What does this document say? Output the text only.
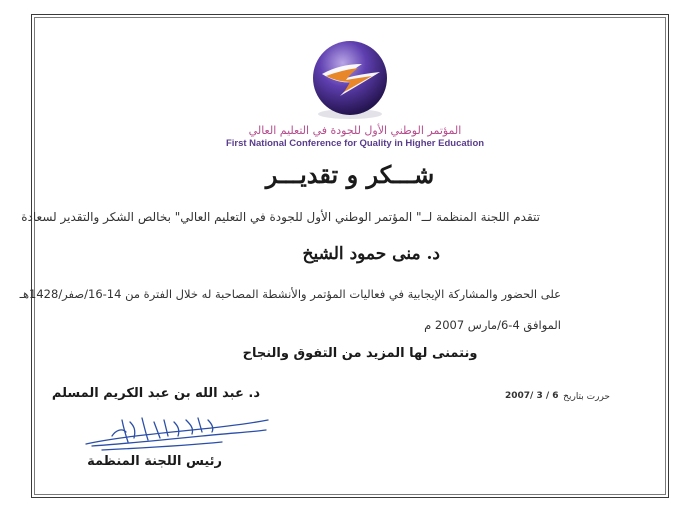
المؤتمر الوطني الأول للجودة في التعليم العالي
First National Conference for Quality in Higher Education
شـــكر و تقديـــر
تتقدم اللجنة المنظمة لــ" المؤتمر الوطني الأول للجودة في التعليم العالي" بخالص الشكر والتقدير لسعادة
د. منى حمود الشيخ
على الحضور والمشاركة الإيجابية في فعاليات المؤتمر والأنشطة المصاحبة له خلال الفترة من 14-16/صفر/1428هـ
الموافق 4-6/مارس 2007 م
ونتمنى لها المزيد من التفوق والنجاح
حررت بتاريخ
2007/ 3 / 6
د. عبد الله بن عبد الكريم المسلم
رئيس اللجنة المنظمة
